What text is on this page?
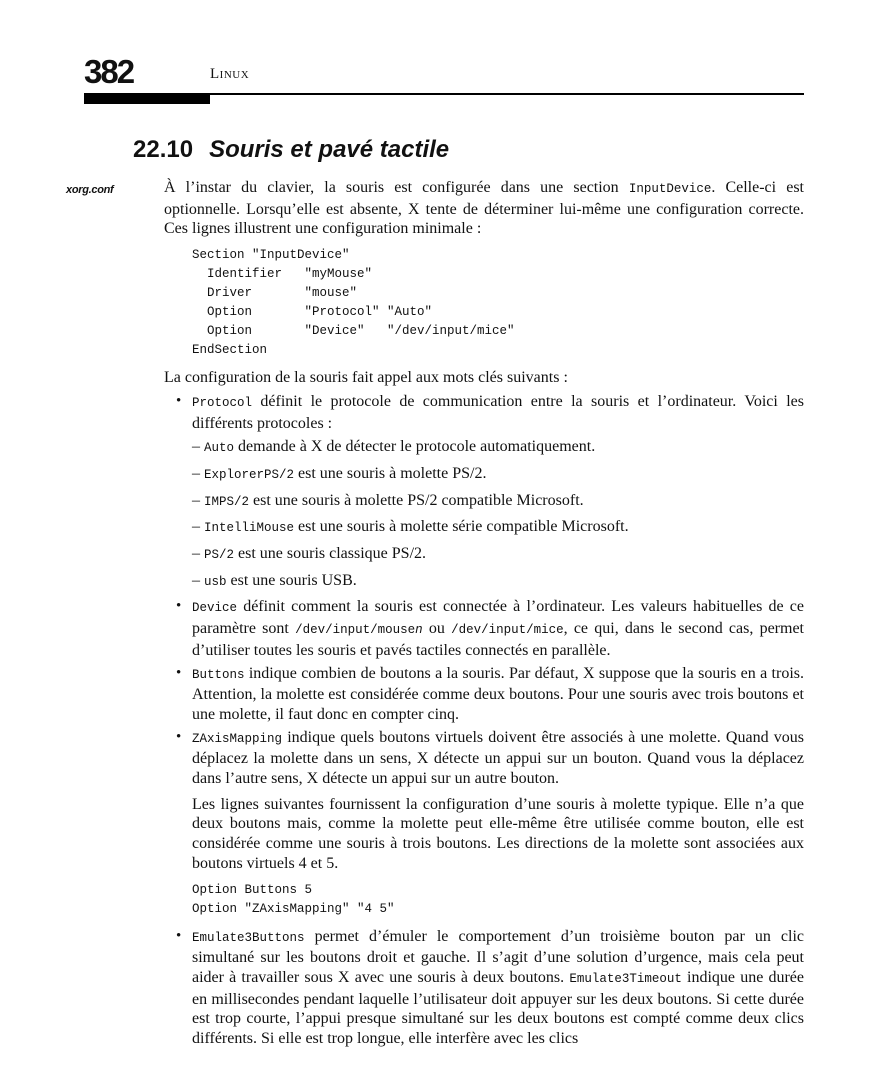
382	Linux
22.10 Souris et pavé tactile
xorg.conf	À l’instar du clavier, la souris est configurée dans une section InputDevice. Celle-ci est optionnelle. Lorsqu’elle est absente, X tente de déterminer lui-même une configuration correcte. Ces lignes illustrent une configuration minimale :

Section "InputDevice"
Identifier   "myMouse"
Driver       "mouse"
Option       "Protocol" "Auto"
Option       "Device"   "/dev/input/mice"
EndSection

La configuration de la souris fait appel aux mots clés suivants :

• Protocol définit le protocole de communication entre la souris et l’ordinateur. Voici les différents protocoles :

– Auto demande à X de détecter le protocole automatiquement.
– ExplorerPS/2 est une souris à molette PS/2.
– IMPS/2 est une souris à molette PS/2 compatible Microsoft.
– IntelliMouse est une souris à molette série compatible Microsoft.
– PS/2 est une souris classique PS/2.
– usb est une souris USB.

• Device définit comment la souris est connectée à l’ordinateur. Les valeurs habituelles de ce paramètre sont /dev/input/mousen ou /dev/input/mice, ce qui, dans le second cas, permet d’utiliser toutes les souris et pavés tactiles connectés en parallèle.

• Buttons indique combien de boutons a la souris. Par défaut, X suppose que la souris en a trois. Attention, la molette est considérée comme deux boutons. Pour une souris avec trois boutons et une molette, il faut donc en compter cinq.

• ZAxisMapping indique quels boutons virtuels doivent être associés à une molette. Quand vous déplacez la molette dans un sens, X détecte un appui sur un bouton. Quand vous la déplacez dans l’autre sens, X détecte un appui sur un autre bouton.

Les lignes suivantes fournissent la configuration d’une souris à molette typique. Elle n’a que deux boutons mais, comme la molette peut elle-même être utilisée comme bouton, elle est considérée comme une souris à trois boutons. Les directions de la molette sont associées aux boutons virtuels 4 et 5.

Option Buttons 5
Option "ZAxisMapping" "4 5"

• Emulate3Buttons permet d’émuler le comportement d’un troisième bouton par un clic simultané sur les boutons droit et gauche. Il s’agit d’une solution d’urgence, mais cela peut aider à travailler sous X avec une souris à deux boutons. Emulate3Timeout indique une durée en millisecondes pendant laquelle l’utilisateur doit appuyer sur les deux boutons. Si cette durée est trop courte, l’appui presque simultané sur les deux boutons est compté comme deux clics différents. Si elle est trop longue, elle interfère avec les clics
